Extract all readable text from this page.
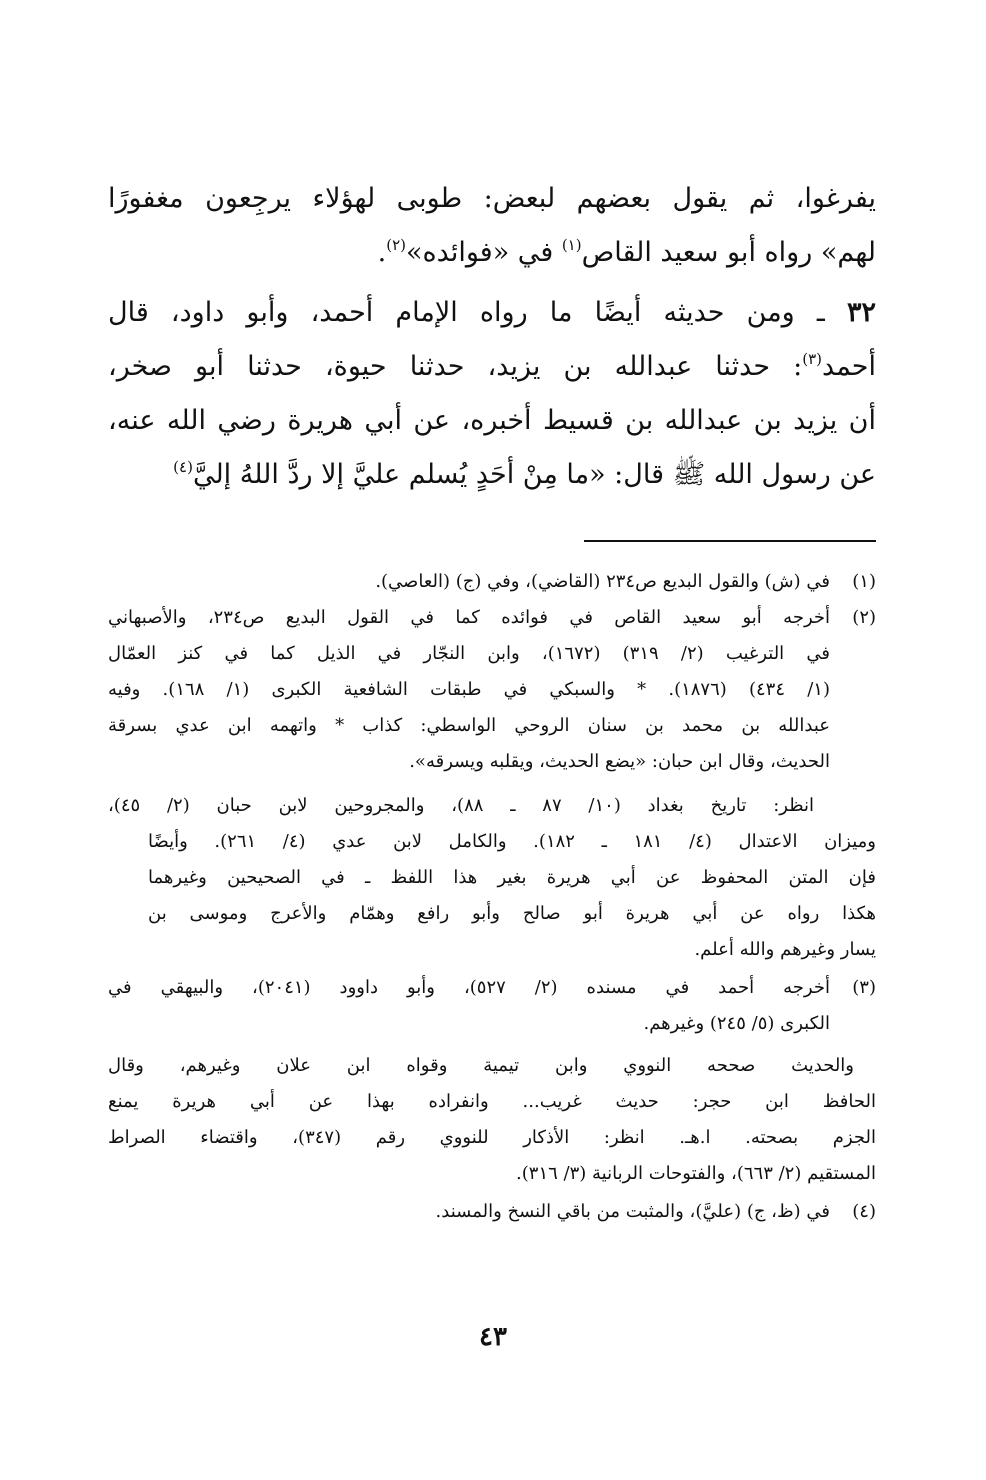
يفرغوا، ثم يقول بعضهم لبعض: طوبى لهؤلاء يرجِعون مغفورًا
لهم» رواه أبو سعيد القاص$^{(١)}$ في «فوائده»$^{(٢)}$.
٣٢ ـ ومن حديثه أيضًا ما رواه الإمام أحمد، وأبو داود، قال
أحمد$^{(٣)}$: حدثنا عبدالله بن يزيد، حدثنا حيوة، حدثنا أبو صخر،
أن يزيد بن عبدالله بن قسيط أخبره، عن أبي هريرة رضي الله عنه،
عن رسول الله ﷺ قال: «ما مِنْ أحَدٍ يُسلم عليَّ إلا ردَّ اللهُ إليَّ$^{(٤)}$
(١)في (ش) والقول البديع ص٢٣٤ (القاضي)، وفي (ج) (العاصي).
(٢)أخرجه أبو سعيد القاص في فوائده كما في القول البديع ص٢٣٤، والأصبهاني
في الترغيب (٢/ ٣١٩) (١٦٧٢)، وابن النجّار في الذيل كما في كنز العمّال
(١/ ٤٣٤) (١٨٧٦). * والسبكي في طبقات الشافعية الكبرى (١/ ١٦٨). وفيه
عبدالله بن محمد بن سنان الروحي الواسطي: كذاب * واتهمه ابن عدي بسرقة
الحديث، وقال ابن حبان: «يضع الحديث، ويقلبه ويسرقه».
انظر: تاريخ بغداد (١٠/ ٨٧ ـ ٨٨)، والمجروحين لابن حبان (٢/ ٤٥)،
وميزان الاعتدال (٤/ ١٨١ ـ ١٨٢). والكامل لابن عدي (٤/ ٢٦١). وأيضًا
فإن المتن المحفوظ عن أبي هريرة بغير هذا اللفظ ـ في الصحيحين وغيرهما
هكذا رواه عن أبي هريرة أبو صالح وأبو رافع وهمّام والأعرج وموسى بن
يسار وغيرهم والله أعلم.
(٣)أخرجه أحمد في مسنده (٢/ ٥٢٧)، وأبو داوود (٢٠٤١)، والبيهقي في
الكبرى (٥/ ٢٤٥) وغيرهم.
والحديث صححه النووي وابن تيمية وقواه ابن علان وغيرهم، وقال
الحافظ ابن حجر: حديث غريب... وانفراده بهذا عن أبي هريرة يمنع
الجزم بصحته. ا.هـ. انظر: الأذكار للنووي رقم (٣٤٧)، واقتضاء الصراط
المستقيم (٢/ ٦٦٣)، والفتوحات الربانية (٣/ ٣١٦).
(٤)في (ظ، ج) (عليَّ)، والمثبت من باقي النسخ والمسند.
٤٣
